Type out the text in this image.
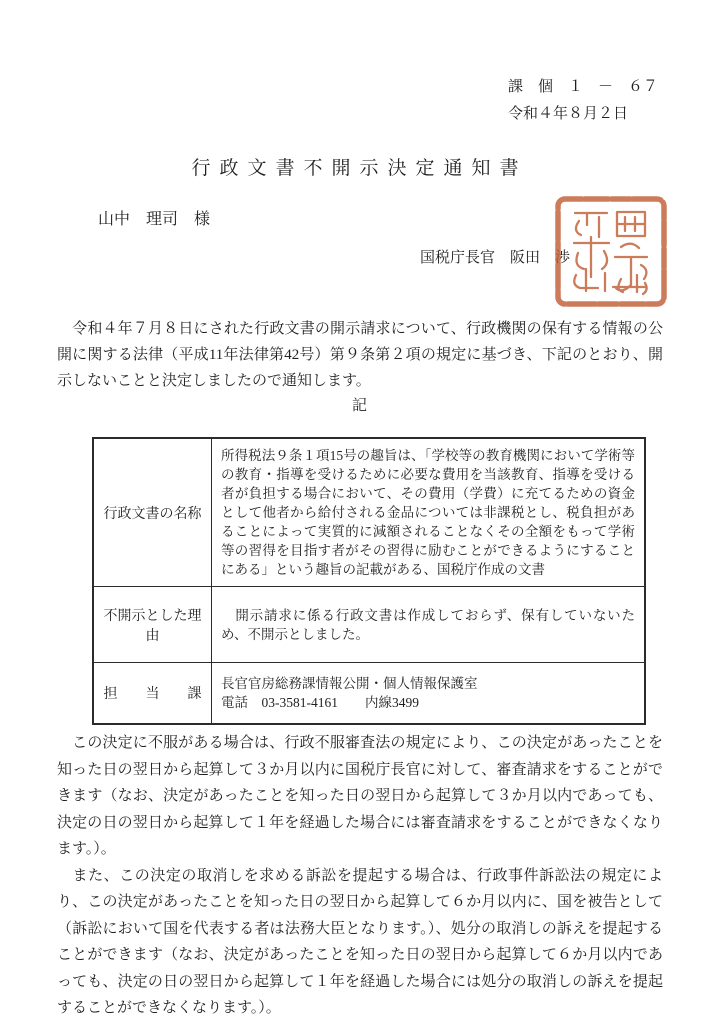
課　個　１　－　６７
令和４年８月２日
行政文書不開示決定通知書
山中　理司　様
国税庁長官　阪田　渉
　令和４年７月８日にされた行政文書の開示請求について、行政機関の保有する情報の公開に関する法律（平成11年法律第42号）第９条第２項の規定に基づき、下記のとおり、開示しないことと決定しましたので通知します。
記
行政文書の名称
所得税法９条１項15号の趣旨は、「学校等の教育機関において学術等の教育・指導を受けるために必要な費用を当該教育、指導を受ける者が負担する場合において、その費用（学費）に充てるための資金として他者から給付される金品については非課税とし、税負担があることによって実質的に減額されることなくその全額をもって学術等の習得を目指す者がその習得に励むことができるようにすることにある」という趣旨の記載がある、国税庁作成の文書
不開示とした理由
　開示請求に係る行政文書は作成しておらず、保有していないため、不開示としました。
担　　当　　課
長官官房総務課情報公開・個人情報保護室
電話　03-3581-4161　　内線3499

　この決定に不服がある場合は、行政不服審査法の規定により、この決定があったことを知った日の翌日から起算して３か月以内に国税庁長官に対して、審査請求をすることができます（なお、決定があったことを知った日の翌日から起算して３か月以内であっても、決定の日の翌日から起算して１年を経過した場合には審査請求をすることができなくなります。）。

　また、この決定の取消しを求める訴訟を提起する場合は、行政事件訴訟法の規定により、この決定があったことを知った日の翌日から起算して６か月以内に、国を被告として（訴訟において国を代表する者は法務大臣となります。）、処分の取消しの訴えを提起することができます（なお、決定があったことを知った日の翌日から起算して６か月以内であっても、決定の日の翌日から起算して１年を経過した場合には処分の取消しの訴えを提起することができなくなります。）。
